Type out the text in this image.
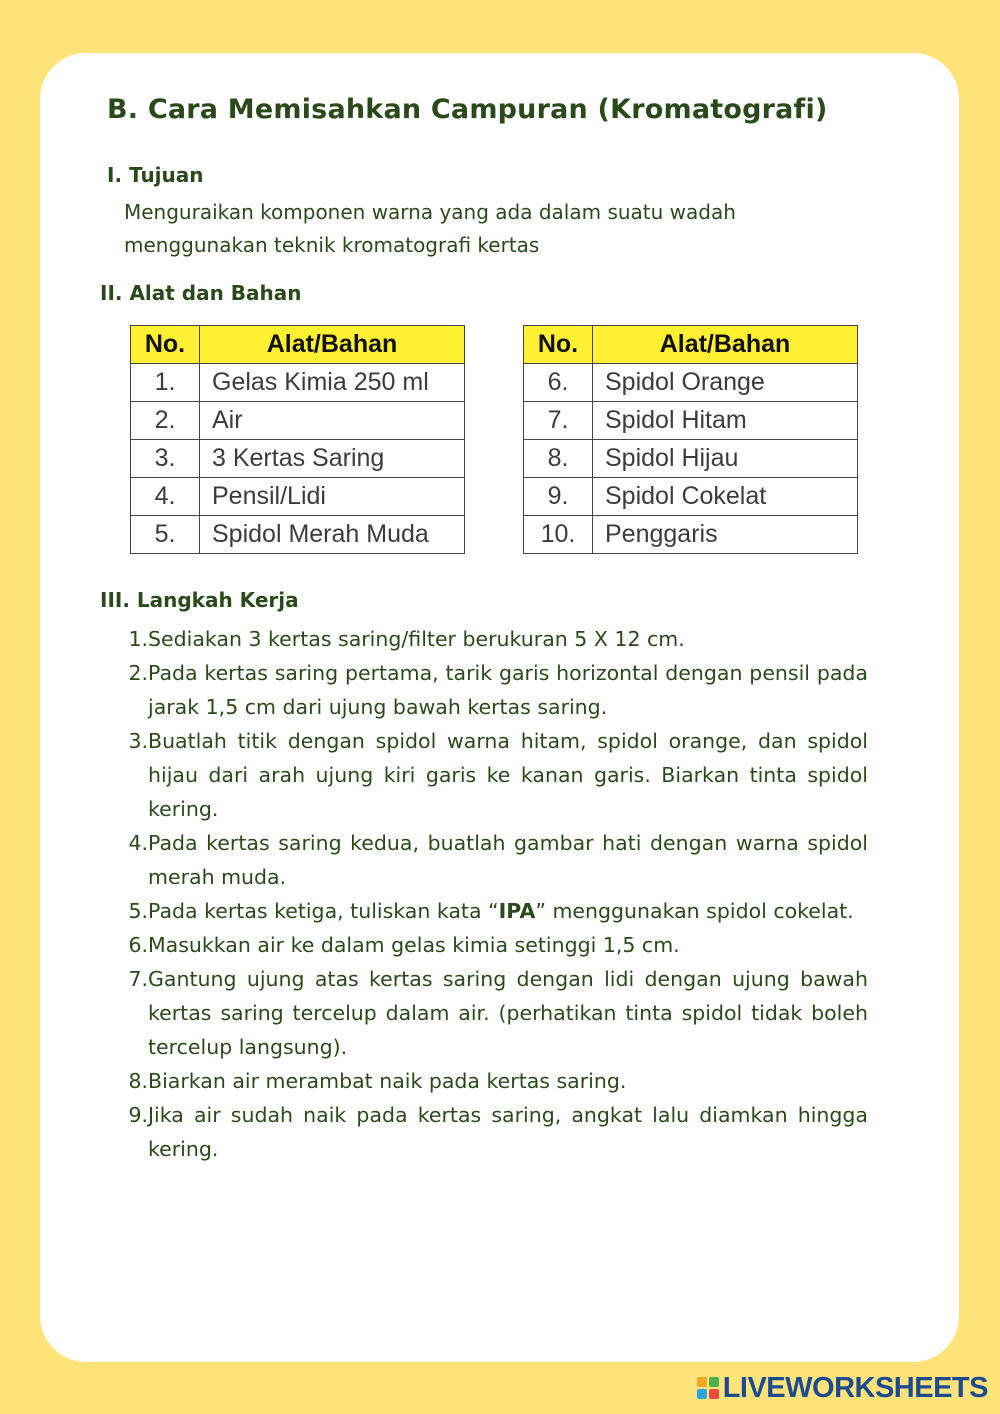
B. Cara Memisahkan Campuran (Kromatografi)
I. Tujuan
Menguraikan komponen warna yang ada dalam suatu wadah
menggunakan teknik kromatografi kertas
II. Alat dan Bahan
No.	Alat/Bahan
1.	Gelas Kimia 250 ml
2.	Air
3.	3 Kertas Saring
4.	Pensil/Lidi
5.	Spidol Merah Muda
No.	Alat/Bahan
6.	Spidol Orange
7.	Spidol Hitam
8.	Spidol Hijau
9.	Spidol Cokelat
10.	Penggaris
III. Langkah Kerja
1. Sediakan 3 kertas saring/filter berukuran 5 X 12 cm.
2. Pada kertas saring pertama, tarik garis horizontal dengan pensil pada jarak 1,5 cm dari ujung bawah kertas saring.
3. Buatlah titik dengan spidol warna hitam, spidol orange, dan spidol hijau dari arah ujung kiri garis ke kanan garis. Biarkan tinta spidol kering.
4. Pada kertas saring kedua, buatlah gambar hati dengan warna spidol merah muda.
5. Pada kertas ketiga, tuliskan kata “IPA” menggunakan spidol cokelat.
6. Masukkan air ke dalam gelas kimia setinggi 1,5 cm.
7. Gantung ujung atas kertas saring dengan lidi dengan ujung bawah kertas saring tercelup dalam air. (perhatikan tinta spidol tidak boleh tercelup langsung).
8. Biarkan air merambat naik pada kertas saring.
9. Jika air sudah naik pada kertas saring, angkat lalu diamkan hingga kering.
LIVEWORKSHEETS
